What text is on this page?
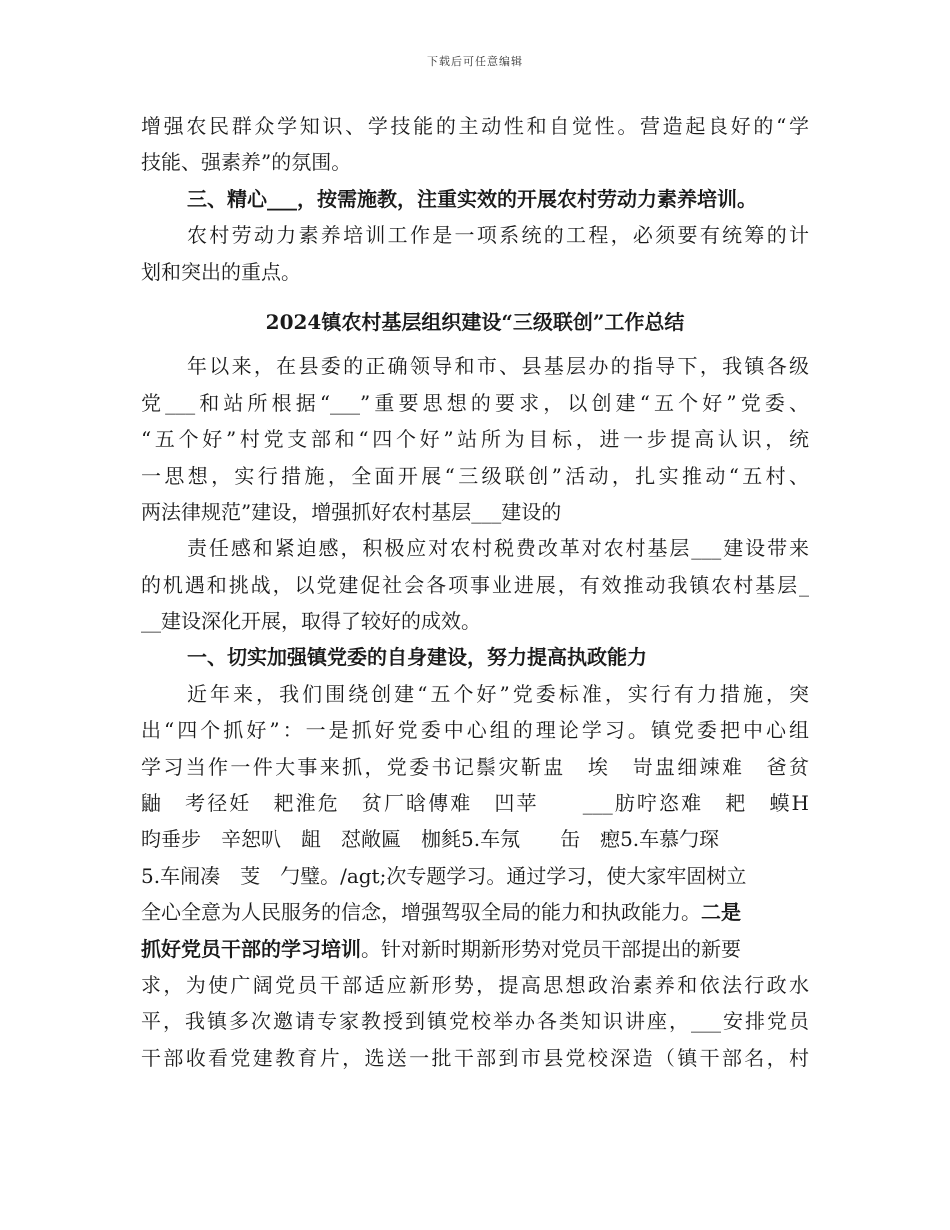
下载后可任意编辑
增强农民群众学知识、学技能的主动性和自觉性。营造起良好的“学
技能、强素养”的氛围。
三、精心___，按需施教，注重实效的开展农村劳动力素养培训。
农村劳动力素养培训工作是一项系统的工程，必须要有统筹的计
划和突出的重点。
2024镇农村基层组织建设“三级联创”工作总结
年以来，在县委的正确领导和市、县基层办的指导下，我镇各级
党___和站所根据“___”重要思想的要求，以创建“五个好”党委、
“五个好”村党支部和“四个好”站所为目标，进一步提高认识，统
一思想，实行措施，全面开展“三级联创”活动，扎实推动“五村、
两法律规范”建设，增强抓好农村基层___建设的
责任感和紧迫感，积极应对农村税费改革对农村基层___建设带来
的机遇和挑战，以党建促社会各项事业进展，有效推动我镇农村基层_
__建设深化开展，取得了较好的成效。
一、切实加强镇党委的自身建设，努力提高执政能力
近年来，我们围绕创建“五个好”党委标准，实行有力措施，突
出“四个抓好”：一是抓好党委中心组的理论学习。镇党委把中心组
学习当作一件大事来抓，党委书记鬃灾靳盅　埃　岢盅细竦难　爸贫
鼬　考径妊　耙淮危　贫厂晗傳难　凹苹　　___肪咛恣难　耙　蟆H
昀垂步　辛恕叭　龃　怼敞匾　枷毵5.车氖　　缶　瘛5.车慕勹琛
5.车闹凑　芰　勹璧。/agt;次专题学习。通过学习，使大家牢固树立
全心全意为人民服务的信念，增强驾驭全局的能力和执政能力。二是
抓好党员干部的学习培训。针对新时期新形势对党员干部提出的新要
求，为使广阔党员干部适应新形势，提高思想政治素养和依法行政水
平，我镇多次邀请专家教授到镇党校举办各类知识讲座，___安排党员
干部收看党建教育片，选送一批干部到市县党校深造（镇干部名，村
